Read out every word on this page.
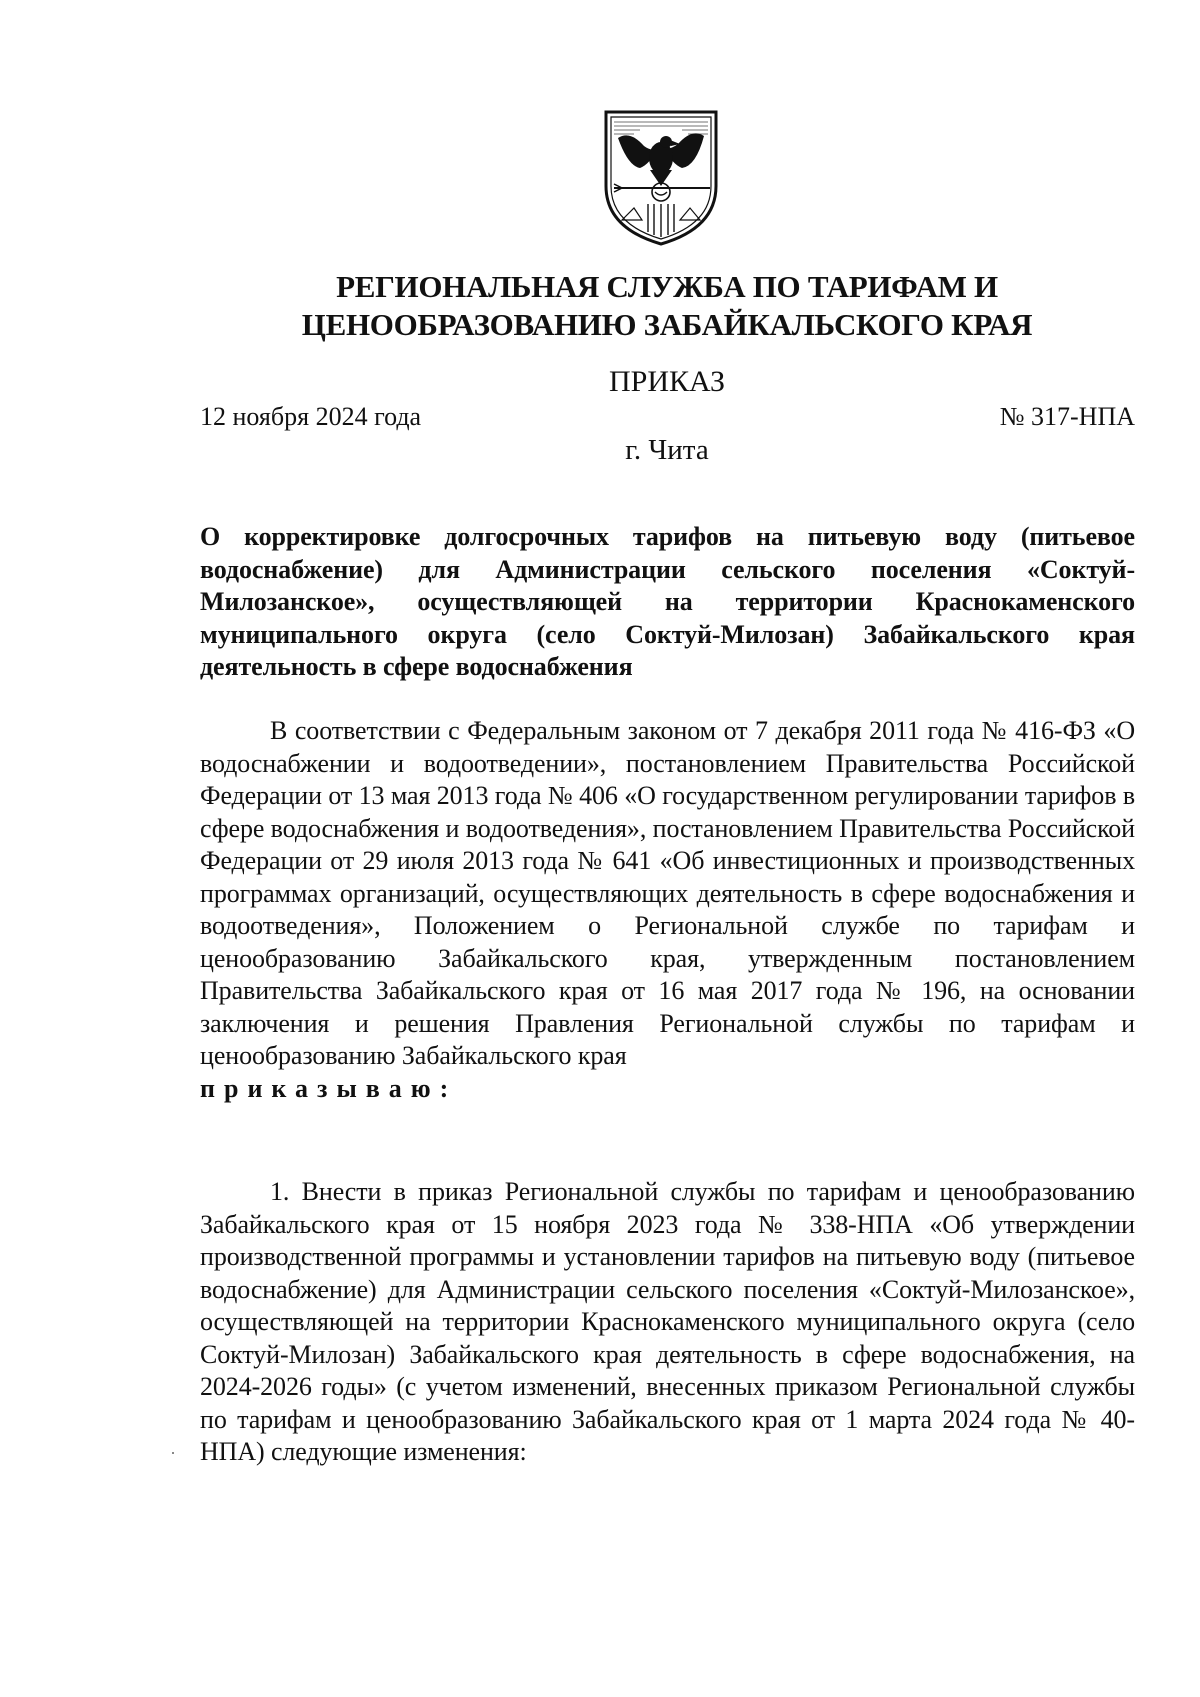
РЕГИОНАЛЬНАЯ СЛУЖБА ПО ТАРИФАМ И
ЦЕНООБРАЗОВАНИЮ ЗАБАЙКАЛЬСКОГО КРАЯ
ПРИКАЗ
12 ноября 2024 года	№ 317-НПА
г. Чита
О корректировке долгосрочных тарифов на питьевую воду (питьевое водоснабжение) для Администрации сельского поселения «Соктуй-Милозанское», осуществляющей на территории Краснокаменского муниципального округа (село Соктуй-Милозан) Забайкальского края деятельность в сфере водоснабжения
В соответствии с Федеральным законом от 7 декабря 2011 года № 416-ФЗ «О водоснабжении и водоотведении», постановлением Правительства Российской Федерации от 13 мая 2013 года № 406 «О государственном регулировании тарифов в сфере водоснабжения и водоотведения», постановлением Правительства Российской Федерации от 29 июля 2013 года № 641 «Об инвестиционных и производственных программах организаций, осуществляющих деятельность в сфере водоснабжения и водоотведения», Положением о Региональной службе по тарифам и ценообразованию Забайкальского края, утвержденным постановлением Правительства Забайкальского края от 16 мая 2017 года № 196, на основании заключения и решения Правления Региональной службы по тарифам и ценообразованию Забайкальского края
приказываю:
1. Внести в приказ Региональной службы по тарифам и ценообразованию Забайкальского края от 15 ноября 2023 года № 338-НПА «Об утверждении производственной программы и установлении тарифов на питьевую воду (питьевое водоснабжение) для Администрации сельского поселения «Соктуй-Милозанское», осуществляющей на территории Краснокаменского муниципального округа (село Соктуй-Милозан) Забайкальского края деятельность в сфере водоснабжения, на 2024-2026 годы» (с учетом изменений, внесенных приказом Региональной службы по тарифам и ценообразованию Забайкальского края от 1 марта 2024 года № 40-НПА) следующие изменения:
